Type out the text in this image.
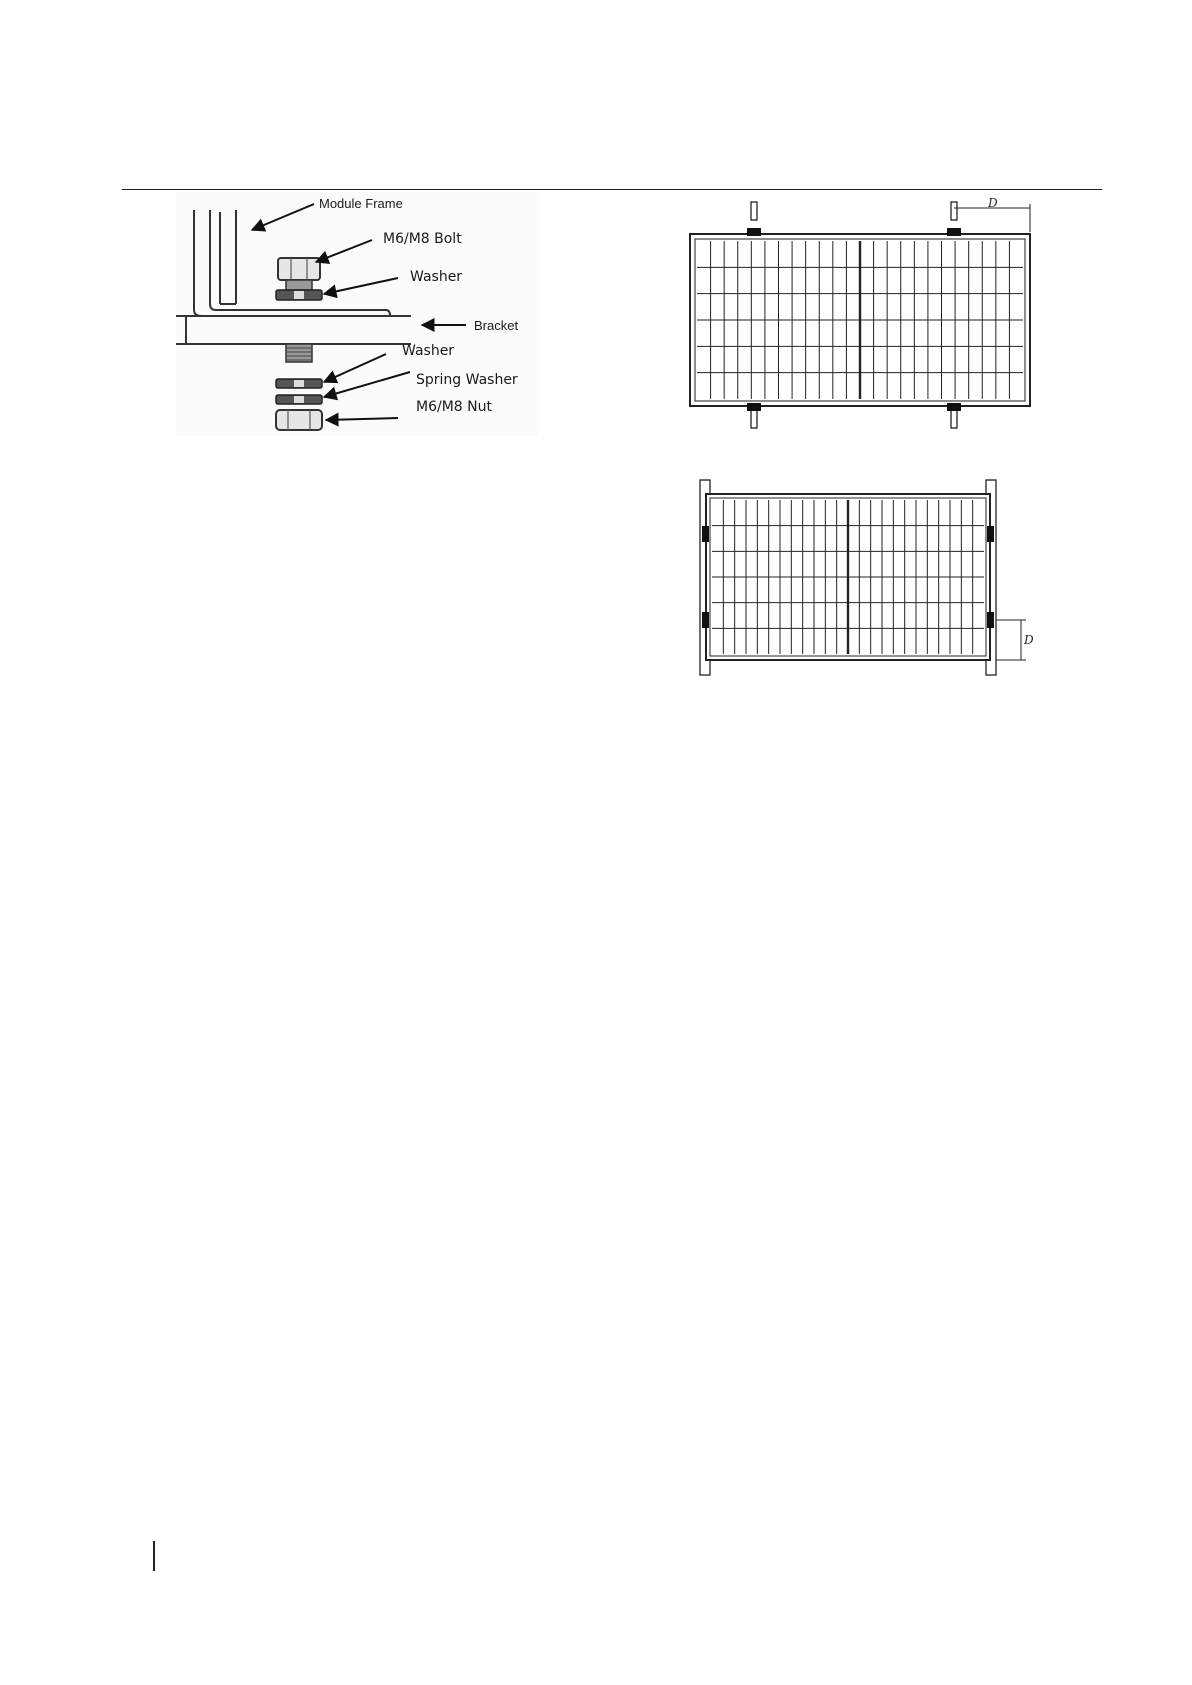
Module Frame
M6/M8 Bolt
Washer
Bracket
Washer
Spring Washer
M6/M8 Nut
D
D
